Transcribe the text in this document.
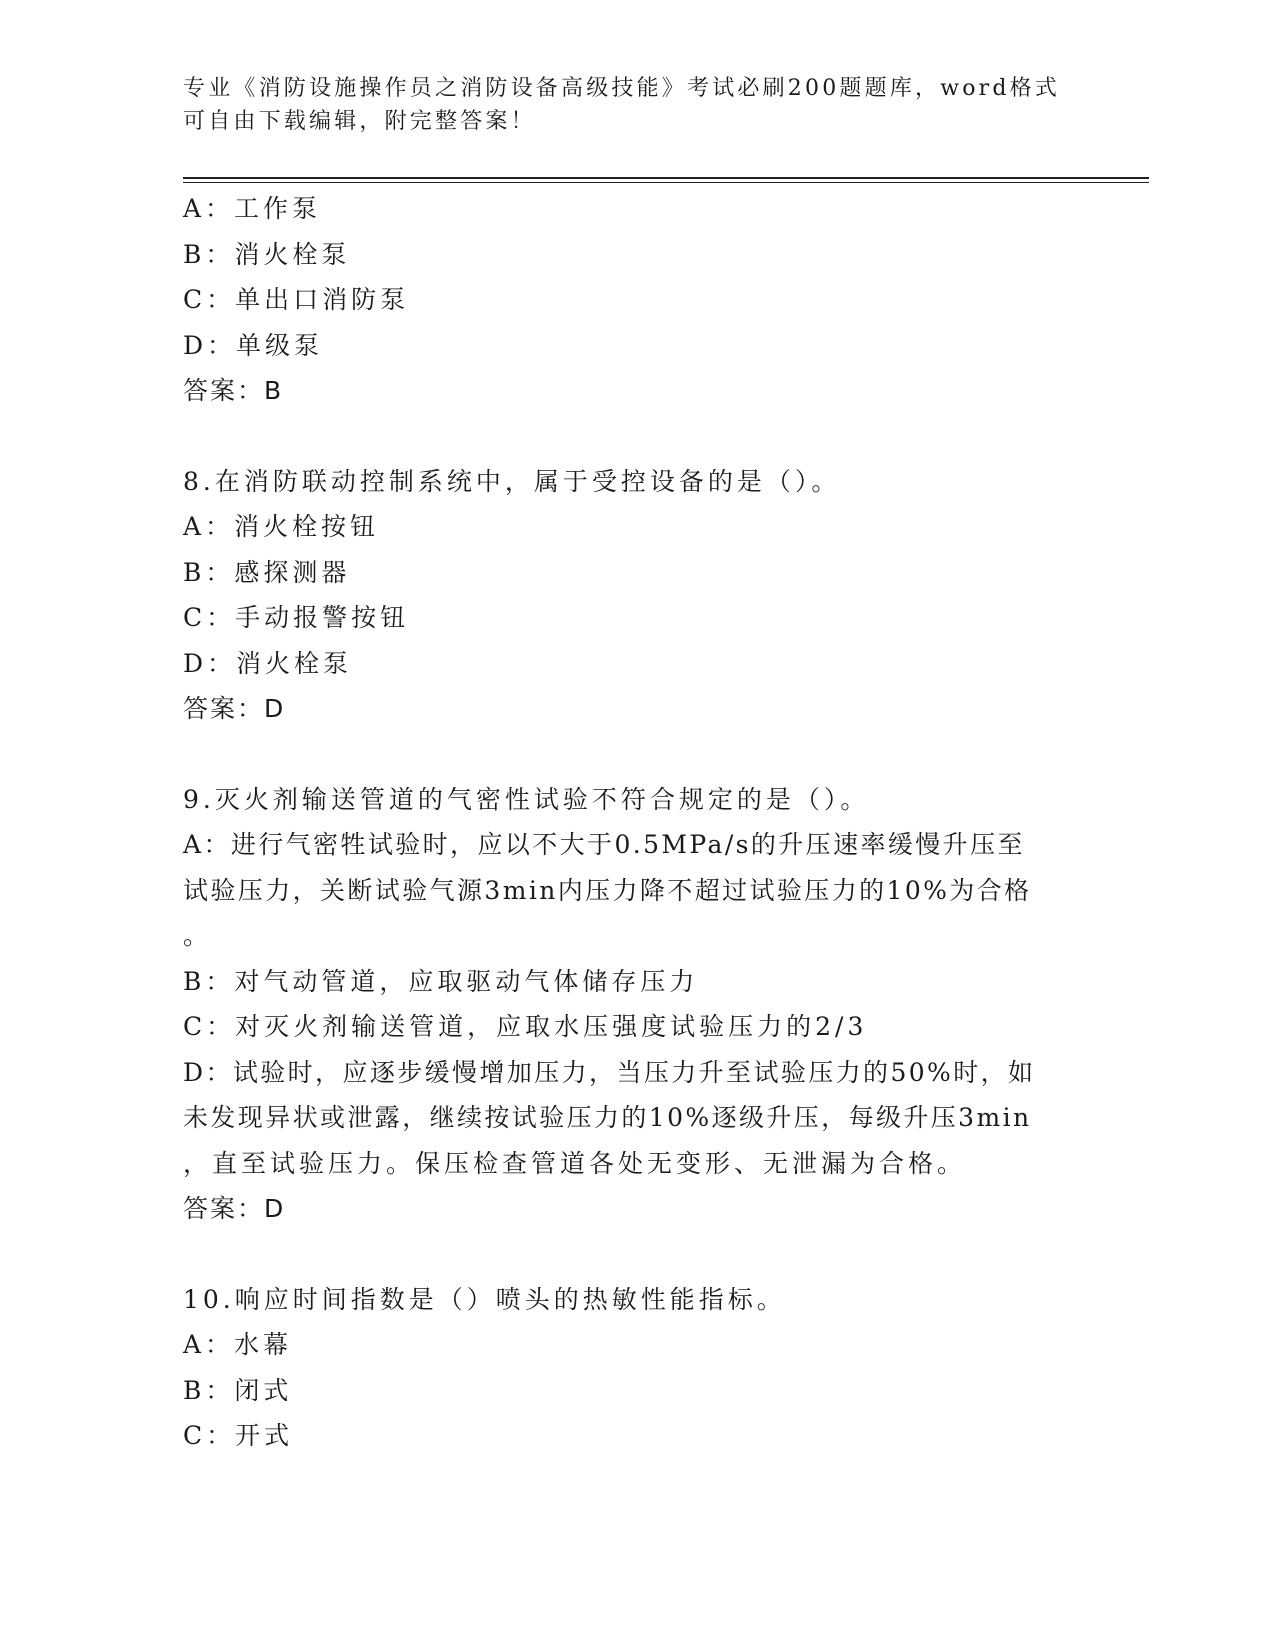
专业《消防设施操作员之消防设备高级技能》考试必刷200题题库，word格式可自由下载编辑，附完整答案！
A：工作泵
B：消火栓泵
C：单出口消防泵
D：单级泵
答案：B
8.在消防联动控制系统中，属于受控设备的是（）。
A：消火栓按钮
B：感探测器
C：手动报警按钮
D：消火栓泵
答案：D
9.灭火剂输送管道的气密性试验不符合规定的是（）。
A：进行气密牲试验时，应以不大于0.5MPa/s的升压速率缓慢升压至
试验压力，关断试验气源3min内压力降不超过试验压力的10%为合格
。
B：对气动管道，应取驱动气体储存压力
C：对灭火剂输送管道，应取水压强度试验压力的2/3
D：试验时，应逐步缓慢增加压力，当压力升至试验压力的50%时，如
未发现异状或泄露，继续按试验压力的10%逐级升压，每级升压3min
，直至试验压力。保压检查管道各处无变形、无泄漏为合格。
答案：D
10.响应时间指数是（）喷头的热敏性能指标。
A：水幕
B：闭式
C：开式
